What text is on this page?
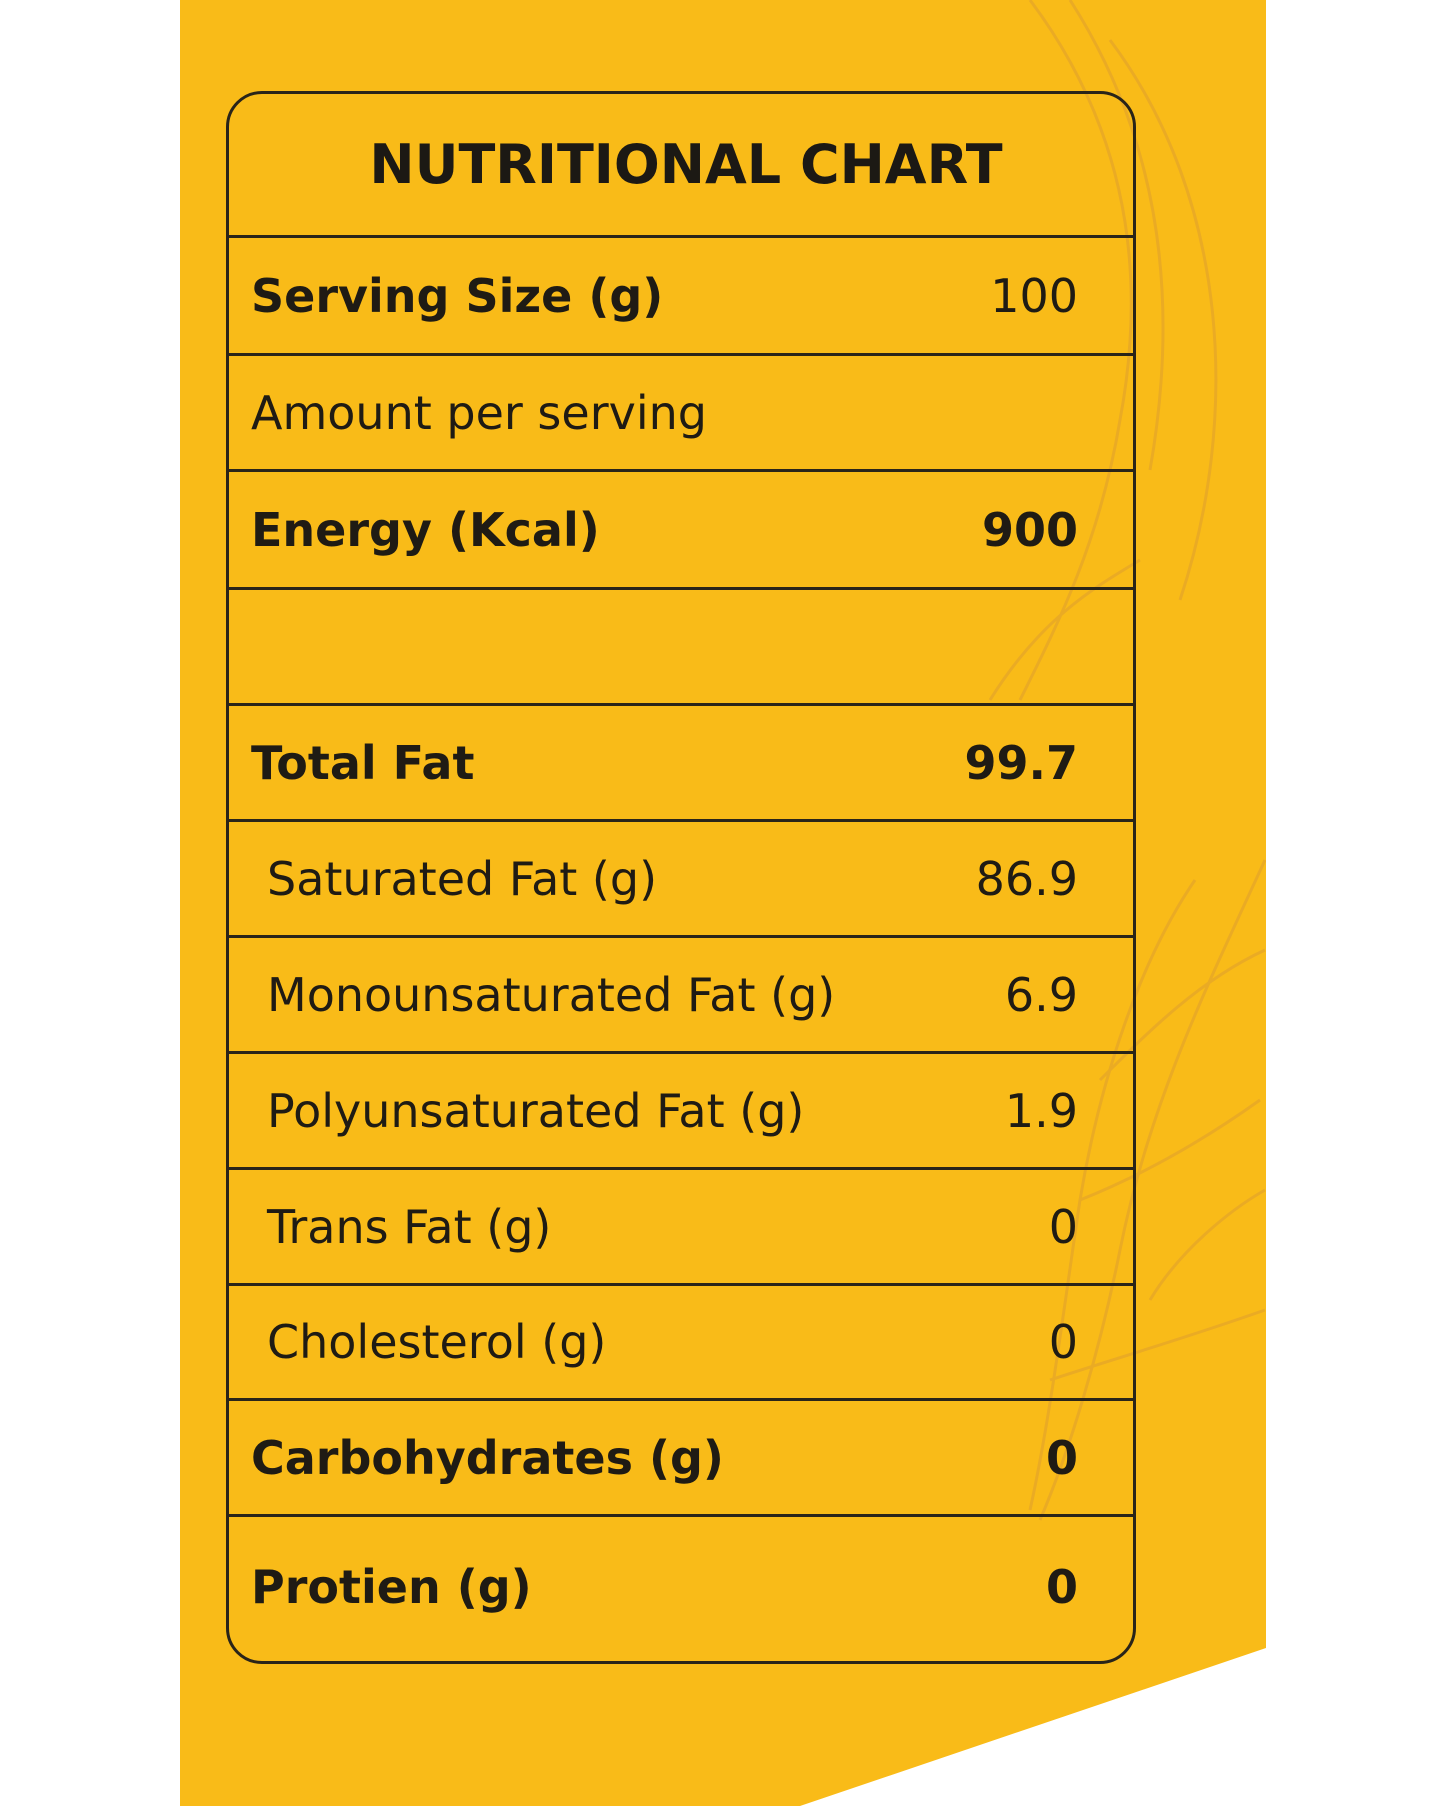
NUTRITIONAL CHART
Serving Size (g)	100
Amount per serving
Energy (Kcal)	900
Total Fat	99.7
Saturated Fat (g)	86.9
Monounsaturated Fat (g)	6.9
Polyunsaturated Fat (g)	1.9
Trans Fat (g)	0
Cholesterol (g)	0
Carbohydrates (g)	0
Protien (g)	0
